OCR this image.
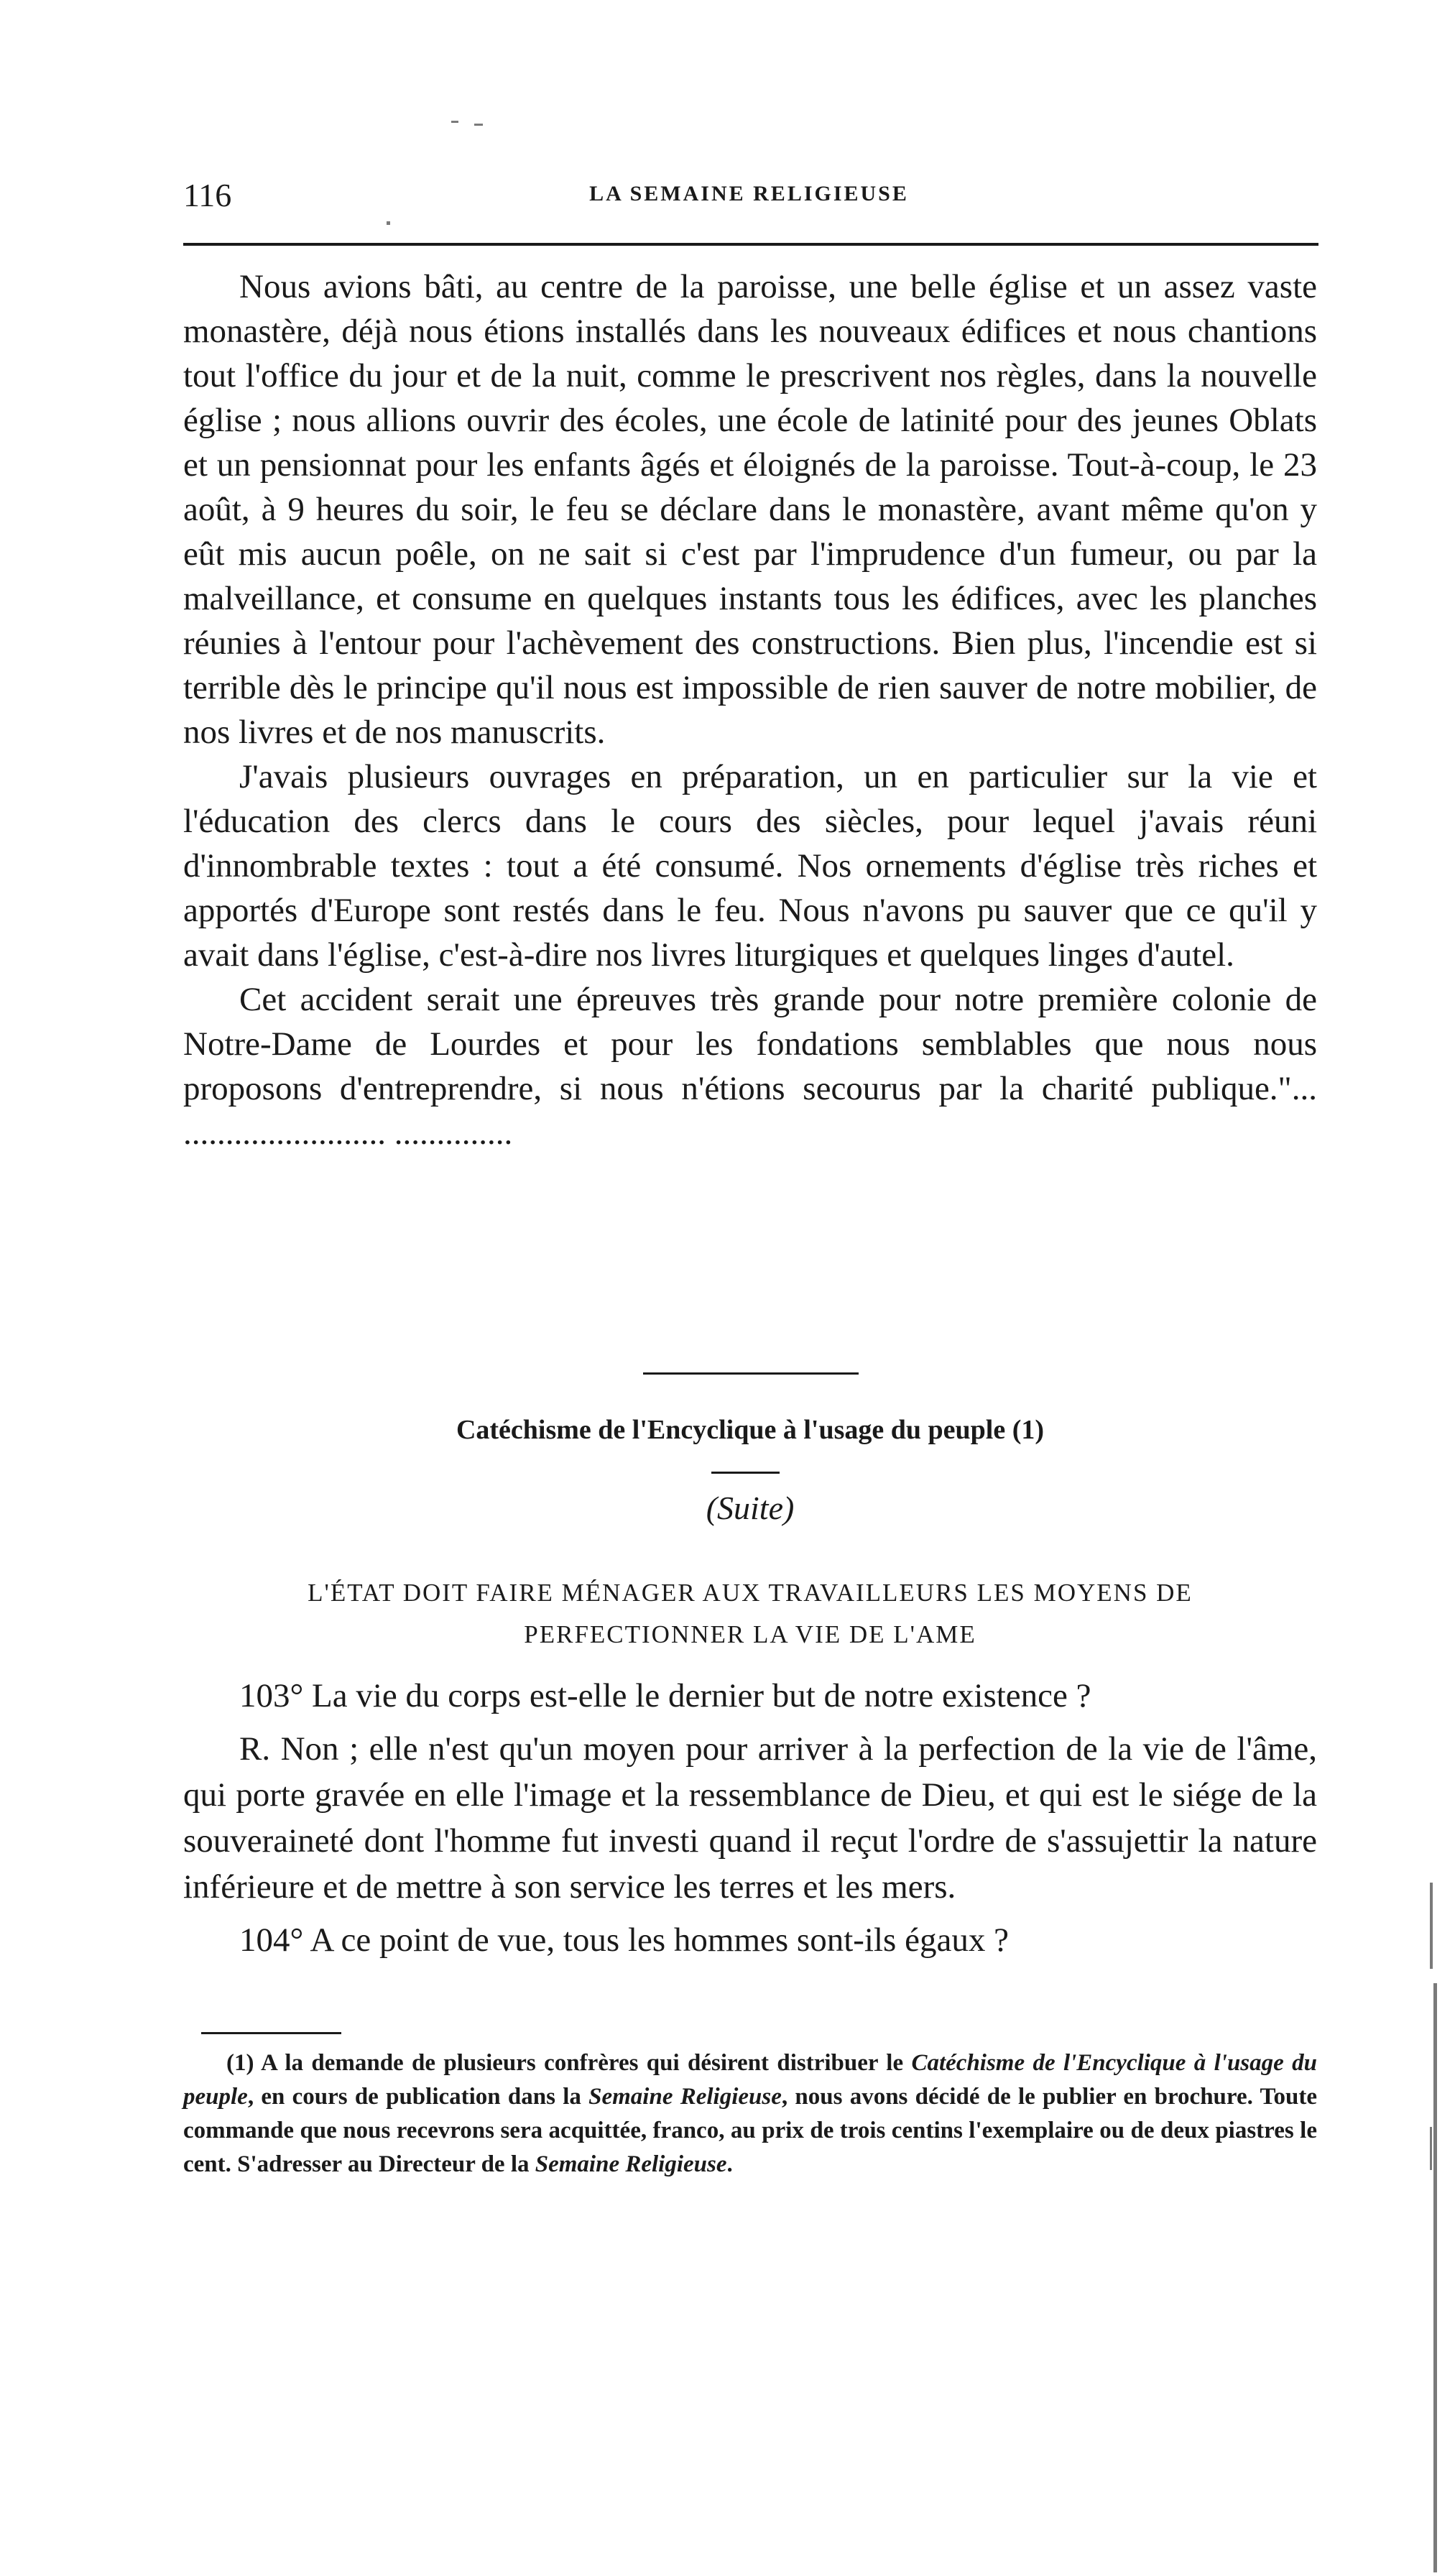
116	LA SEMAINE RELIGIEUSE

Nous avions bâti, au centre de la paroisse, une belle église et un assez vaste monastère, déjà nous étions installés dans les nouveaux édifices et nous chantions tout l'office du jour et de la nuit, comme le prescrivent nos règles, dans la nouvelle église ; nous allions ouvrir des écoles, une école de latinité pour des jeunes Oblats et un pensionnat pour les enfants âgés et éloignés de la paroisse. Tout-à-coup, le 23 août, à 9 heures du soir, le feu se déclare dans le monastère, avant même qu'on y eût mis aucun poêle, on ne sait si c'est par l'imprudence d'un fumeur, ou par la malveillance, et consume en quelques instants tous les édifices, avec les planches réunies à l'entour pour l'achèvement des constructions. Bien plus, l'incendie est si terrible dès le principe qu'il nous est impossible de rien sauver de notre mobilier, de nos livres et de nos manuscrits.

J'avais plusieurs ouvrages en préparation, un en particulier sur la vie et l'éducation des clercs dans le cours des siècles, pour lequel j'avais réuni d'innombrable textes : tout a été consumé. Nos ornements d'église très riches et apportés d'Europe sont restés dans le feu. Nous n'avons pu sauver que ce qu'il y avait dans l'église, c'est-à-dire nos livres liturgiques et quelques linges d'autel.

Cet accident serait une épreuves très grande pour notre première colonie de Notre-Dame de Lourdes et pour les fondations semblables que nous nous proposons d'entreprendre, si nous n'étions secourus par la charité publique."... ........................ ..............

Catéchisme de l'Encyclique à l'usage du peuple (1)
(Suite)
L'ÉTAT DOIT FAIRE MÉNAGER AUX TRAVAILLEURS LES MOYENS DE
PERFECTIONNER LA VIE DE L'AME

103° La vie du corps est-elle le dernier but de notre existence ?

R. Non ; elle n'est qu'un moyen pour arriver à la perfection de la vie de l'âme, qui porte gravée en elle l'image et la ressemblance de Dieu, et qui est le siége de la souveraineté dont l'homme fut investi quand il reçut l'ordre de s'assujettir la nature inférieure et de mettre à son service les terres et les mers.

104° A ce point de vue, tous les hommes sont-ils égaux ?

(1) A la demande de plusieurs confrères qui désirent distribuer le Catéchisme de l'Encyclique à l'usage du peuple, en cours de publication dans la Semaine Religieuse, nous avons décidé de le publier en brochure. Toute commande que nous recevrons sera acquittée, franco, au prix de trois centins l'exemplaire ou de deux piastres le cent. S'adresser au Directeur de la Semaine Religieuse.
